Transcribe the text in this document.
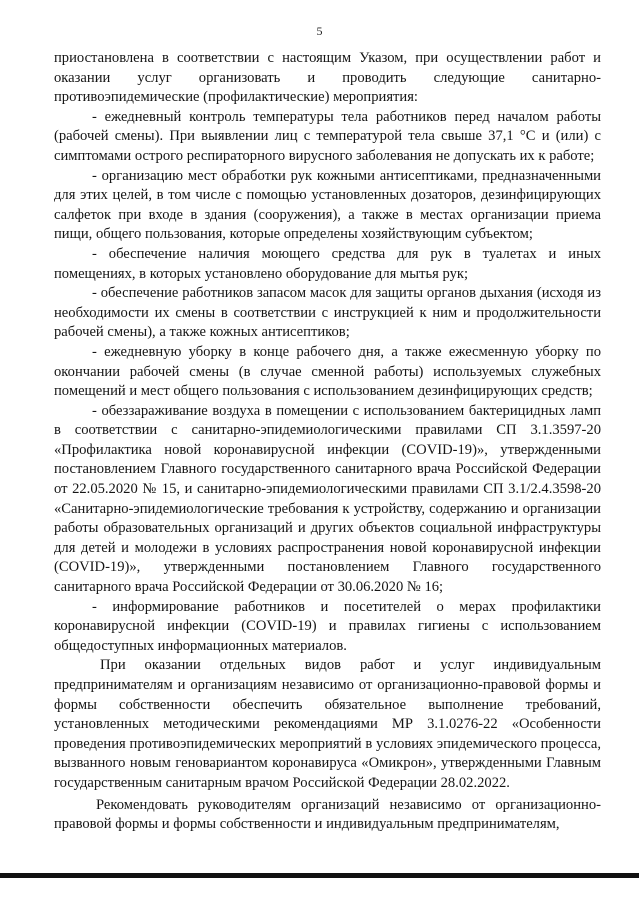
5

приостановлена в соответствии с настоящим Указом, при осуществлении работ и оказании услуг организовать и проводить следующие санитарно-противоэпидемические (профилактические) мероприятия:

- ежедневный контроль температуры тела работников перед началом работы (рабочей смены). При выявлении лиц с температурой тела свыше 37,1 °С и (или) с симптомами острого респираторного вирусного заболевания не допускать их к работе;

- организацию мест обработки рук кожными антисептиками, предназначенными для этих целей, в том числе с помощью установленных дозаторов, дезинфицирующих салфеток при входе в здания (сооружения), а также в местах организации приема пищи, общего пользования, которые определены хозяйствующим субъектом;

- обеспечение наличия моющего средства для рук в туалетах и иных помещениях, в которых установлено оборудование для мытья рук;

- обеспечение работников запасом масок для защиты органов дыхания (исходя из необходимости их смены в соответствии с инструкцией к ним и продолжительности рабочей смены), а также кожных антисептиков;

- ежедневную уборку в конце рабочего дня, а также ежесменную уборку по окончании рабочей смены (в случае сменной работы) используемых служебных помещений и мест общего пользования с использованием дезинфицирующих средств;

- обеззараживание воздуха в помещении с использованием бактерицидных ламп в соответствии с санитарно-эпидемиологическими правилами СП 3.1.3597-20 «Профилактика новой коронавирусной инфекции (COVID-19)», утвержденными постановлением Главного государственного санитарного врача Российской Федерации от 22.05.2020 № 15, и санитарно-эпидемиологическими правилами СП 3.1/2.4.3598-20 «Санитарно-эпидемиологические требования к устройству, содержанию и организации работы образовательных организаций и других объектов социальной инфраструктуры для детей и молодежи в условиях распространения новой коронавирусной инфекции (COVID-19)», утвержденными постановлением Главного государственного санитарного врача Российской Федерации от 30.06.2020 № 16;

- информирование работников и посетителей о мерах профилактики коронавирусной инфекции (COVID-19) и правилах гигиены с использованием общедоступных информационных материалов.

При оказании отдельных видов работ и услуг индивидуальным предпринимателям и организациям независимо от организационно-правовой формы и формы собственности обеспечить обязательное выполнение требований, установленных методическими рекомендациями МР 3.1.0276-22 «Особенности проведения противоэпидемических мероприятий в условиях эпидемического процесса, вызванного новым геновариантом коронавируса «Омикрон», утвержденными Главным государственным санитарным врачом Российской Федерации 28.02.2022.

Рекомендовать руководителям организаций независимо от организационно-правовой формы и формы собственности и индивидуальным предпринимателям,
